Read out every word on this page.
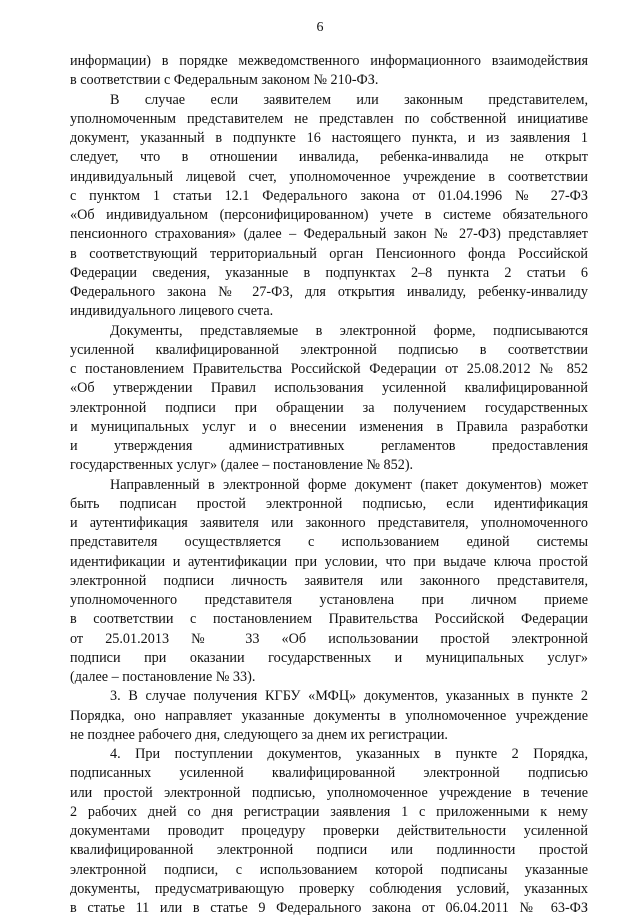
6
информации) в порядке межведомственного информационного взаимодействия
в соответствии с Федеральным законом № 210-ФЗ.
В случае если заявителем или законным представителем,
уполномоченным представителем не представлен по собственной инициативе
документ, указанный в подпункте 16 настоящего пункта, и из заявления 1
следует, что в отношении инвалида, ребенка-инвалида не открыт
индивидуальный лицевой счет, уполномоченное учреждение в соответствии
с пунктом 1 статьи 12.1 Федерального закона от 01.04.1996 № 27-ФЗ
«Об индивидуальном (персонифицированном) учете в системе обязательного
пенсионного страхования» (далее – Федеральный закон № 27-ФЗ) представляет
в соответствующий территориальный орган Пенсионного фонда Российской
Федерации сведения, указанные в подпунктах 2–8 пункта 2 статьи 6
Федерального закона № 27-ФЗ, для открытия инвалиду, ребенку-инвалиду
индивидуального лицевого счета.
Документы, представляемые в электронной форме, подписываются
усиленной квалифицированной электронной подписью в соответствии
с постановлением Правительства Российской Федерации от 25.08.2012 № 852
«Об утверждении Правил использования усиленной квалифицированной
электронной подписи при обращении за получением государственных
и муниципальных услуг и о внесении изменения в Правила разработки
и утверждения административных регламентов предоставления
государственных услуг» (далее – постановление № 852).
Направленный в электронной форме документ (пакет документов) может
быть подписан простой электронной подписью, если идентификация
и аутентификация заявителя или законного представителя, уполномоченного
представителя осуществляется с использованием единой системы
идентификации и аутентификации при условии, что при выдаче ключа простой
электронной подписи личность заявителя или законного представителя,
уполномоченного представителя установлена при личном приеме
в соответствии с постановлением Правительства Российской Федерации
от 25.01.2013 № 33 «Об использовании простой электронной
подписи при оказании государственных и муниципальных услуг»
(далее – постановление № 33).
3. В случае получения КГБУ «МФЦ» документов, указанных в пункте 2
Порядка, оно направляет указанные документы в уполномоченное учреждение
не позднее рабочего дня, следующего за днем их регистрации.
4. При поступлении документов, указанных в пункте 2 Порядка,
подписанных усиленной квалифицированной электронной подписью
или простой электронной подписью, уполномоченное учреждение в течение
2 рабочих дней со дня регистрации заявления 1 с приложенными к нему
документами проводит процедуру проверки действительности усиленной
квалифицированной электронной подписи или подлинности простой
электронной подписи, с использованием которой подписаны указанные
документы, предусматривающую проверку соблюдения условий, указанных
в статье 11 или в статье 9 Федерального закона от 06.04.2011 № 63-ФЗ
